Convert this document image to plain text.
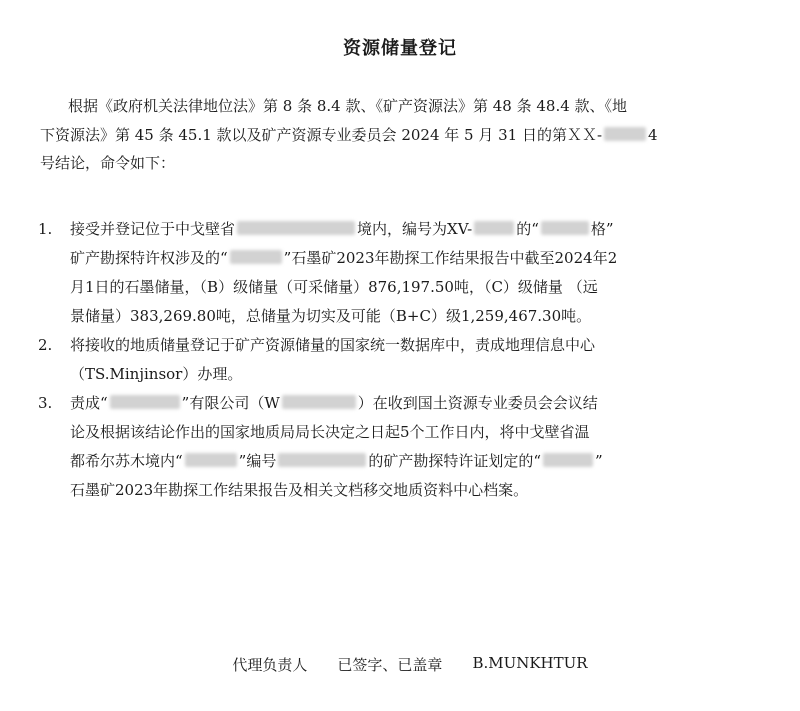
资源储量登记
根据《政府机关法律地位法》第 8 条 8.4 款、《矿产资源法》第 48 条 48.4 款、《地
下资源法》第 45 条 45.1 款以及矿产资源专业委员会 2024 年 5 月 31 日的第ＸＸ-	4
号结论，命令如下：
1. 接受并登记位于中戈壁省	境内，编号为XV-	的“	格”
矿产勘探特许权涉及的“	”石墨矿2023年勘探工作结果报告中截至2024年2
月1日的石墨储量，（B）级储量（可采储量）876,197.50吨，（C）级储量 （远
景储量）383,269.80吨，总储量为切实及可能（B+C）级1,259,467.30吨。
2. 将接收的地质储量登记于矿产资源储量的国家统一数据库中，责成地理信息中心
（TS.Minjinsor）办理。
3. 责成“	”有限公司（W	）在收到国土资源专业委员会会议结
论及根据该结论作出的国家地质局局长决定之日起5个工作日内，将中戈壁省温
都希尔苏木境内“	”编号	的矿产勘探特许证划定的“	”
石墨矿2023年勘探工作结果报告及相关文档移交地质资料中心档案。
代理负责人 已签字、已盖章 B.MUNKHTUR
